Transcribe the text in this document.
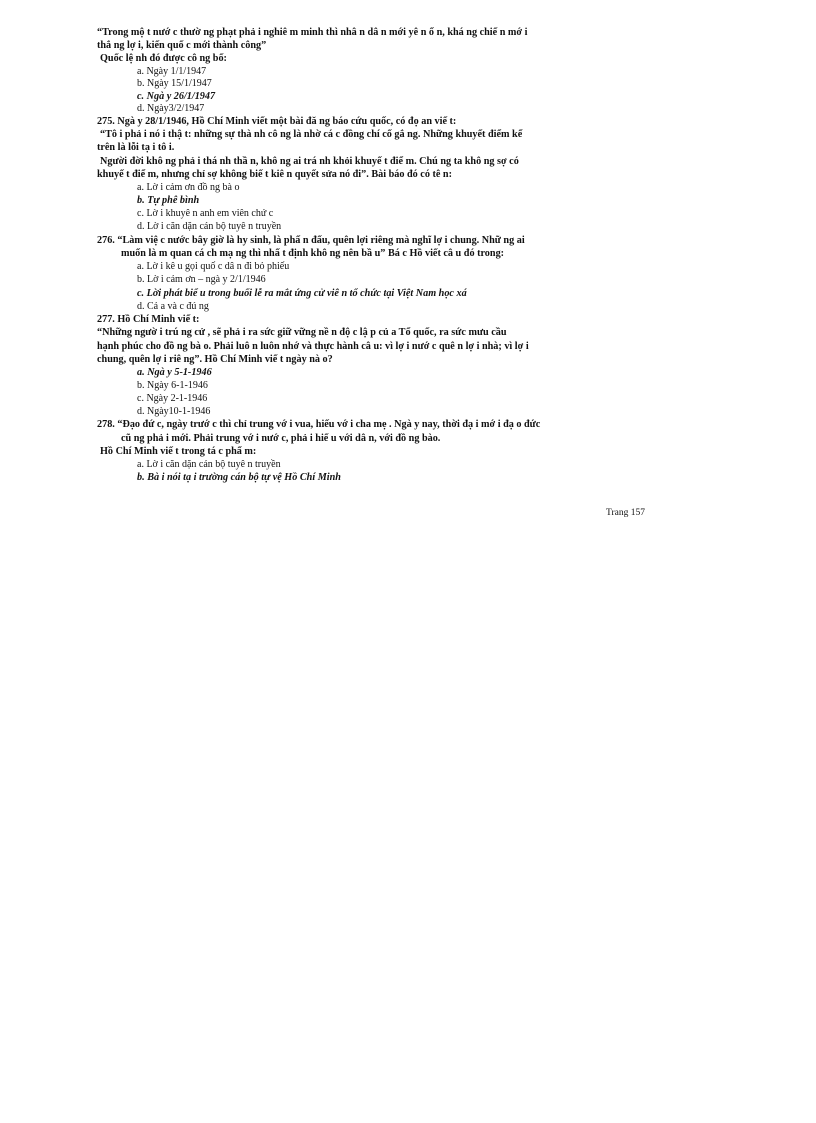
“Trong mộ t nướ c thườ ng phạt phả i nghiê m minh thì nhâ n dâ n mới yê n ổ n, khá ng chiế n mớ i
thắ ng lợ i, kiến quố c mới thành công”
Quốc lệ nh đó được cô ng bố:
a. Ngày 1/1/1947
b. Ngày 15/1/1947
c. Ngà y 26/1/1947
d. Ngày3/2/1947
275. Ngà y 28/1/1946, Hồ Chí Minh viết một bài đă ng báo cứu quốc, có đọ an viế t:
“Tô i phả i nó i thậ t: những sự thà nh cô ng là nhờ cá c đồng chí cố gắ ng. Những khuyết điểm kể
trên là lỗi tạ i tô i.
Người đời khô ng phả i thá nh thầ n, khô ng ai trá nh khỏi khuyế t điể m. Chú ng ta khô ng sợ có
khuyế t điể m, nhưng chỉ sợ không biế t kiê n quyết sửa nó đi”. Bài báo đó có tê n:
a. Lờ i cảm ơn đồ ng bà o
b. Tự phê bình
c. Lờ i khuyê n anh em viên chứ c
d. Lờ i căn dặn cán bộ tuyê n truyền
276. “Làm việ c nước bây giờ là hy sinh, là phấ n đấu, quên lợi riêng mà nghĩ lợ i chung. Nhữ ng ai
muốn là m quan cá ch mạ ng thì nhấ t định khô ng nên bầ u” Bá c Hồ viết câ u đó trong:
a. Lờ i kê u gọi quố c dâ n đi bỏ phiếu
b. Lờ i cảm ơn – ngà y 2/1/1946
c. Lời phát biể u trong buổi lễ ra mắt ứng cử viê n tổ chức tại Việt Nam học xá
d. Cả a và c đú ng
277. Hồ Chí Minh viế t:
“Những ngườ i trú ng cử , sẽ phả i ra sức giữ vững nề n độ c lậ p củ a Tổ quốc, ra sức mưu cầu
hạnh phúc cho đồ ng bà o. Phải luô n luôn nhớ và thực hành câ u: vì lợ i nướ c quê n lợ i nhà; vì lợ i
chung, quên lợ i riê ng”. Hồ Chí Minh viế t ngày nà o?
a. Ngà y 5-1-1946
b. Ngày 6-1-1946
c. Ngày 2-1-1946
d. Ngày10-1-1946
278. “Đạo đứ c, ngày trướ c thì chỉ trung vớ i vua, hiếu vớ i cha mẹ . Ngà y nay, thời đạ i mớ i đạ o đức
cũ ng phả i mới. Phải trung vớ i nướ c, phả i hiế u với dâ n, với đồ ng bào.
Hồ Chí Minh viế t trong tá c phẩ m:
a. Lờ i căn dặn cán bộ tuyê n truyền
b. Bà i nói tạ i trường cán bộ tự vệ Hồ Chí Minh
Trang 157
